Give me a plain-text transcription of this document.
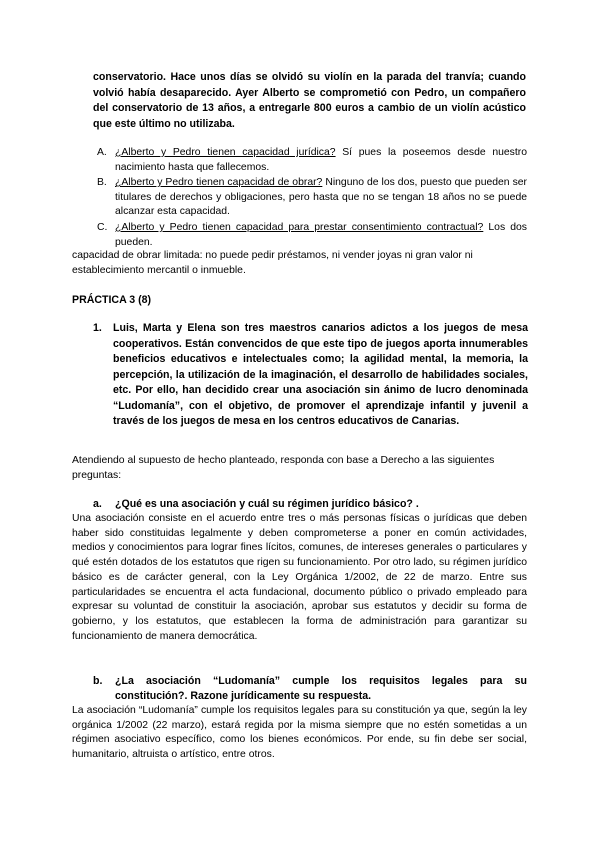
conservatorio. Hace unos días se olvidó su violín en la parada del tranvía; cuando volvió había desaparecido. Ayer Alberto se comprometió con Pedro, un compañero del conservatorio de 13 años, a entregarle 800 euros a cambio de un violín acústico que este último no utilizaba.

A. ¿Alberto y Pedro tienen capacidad jurídica? Sí pues la poseemos desde nuestro nacimiento hasta que fallecemos.
B. ¿Alberto y Pedro tienen capacidad de obrar? Ninguno de los dos, puesto que pueden ser titulares de derechos y obligaciones, pero hasta que no se tengan 18 años no se puede alcanzar esta capacidad.
C. ¿Alberto y Pedro tienen capacidad para prestar consentimiento contractual? Los dos pueden.

capacidad de obrar limitada: no puede pedir préstamos, ni vender joyas ni gran valor ni establecimiento mercantil o inmueble.

PRÁCTICA 3 (8)

1. Luis, Marta y Elena son tres maestros canarios adictos a los juegos de mesa cooperativos. Están convencidos de que este tipo de juegos aporta innumerables beneficios educativos e intelectuales como; la agilidad mental, la memoria, la percepción, la utilización de la imaginación, el desarrollo de habilidades sociales, etc. Por ello, han decidido crear una asociación sin ánimo de lucro denominada “Ludomanía”, con el objetivo, de promover el aprendizaje infantil y juvenil a través de los juegos de mesa en los centros educativos de Canarias.

Atendiendo al supuesto de hecho planteado, responda con base a Derecho a las siguientes preguntas:

a.	¿Qué es una asociación y cuál su régimen jurídico básico? .

Una asociación consiste en el acuerdo entre tres o más personas físicas o jurídicas que deben haber sido constituidas legalmente y deben comprometerse a poner en común actividades, medios y conocimientos para lograr fines lícitos, comunes, de intereses generales o particulares y qué estén dotados de los estatutos que rigen su funcionamiento. Por otro lado, su régimen jurídico básico es de carácter general, con la Ley Orgánica 1/2002, de 22 de marzo. Entre sus particularidades se encuentra el acta fundacional, documento público o privado empleado para expresar su voluntad de constituir la asociación, aprobar sus estatutos y decidir su forma de gobierno, y los estatutos, que establecen la forma de administración para garantizar su funcionamiento de manera democrática.

b.	¿La asociación “Ludomanía” cumple los requisitos legales para su constitución?. Razone jurídicamente su respuesta.

La asociación “Ludomanía” cumple los requisitos legales para su constitución ya que, según la ley orgánica 1/2002 (22 marzo), estará regida por la misma siempre que no estén sometidas a un régimen asociativo específico, como los bienes económicos. Por ende, su fin debe ser social, humanitario, altruista o artístico, entre otros.
